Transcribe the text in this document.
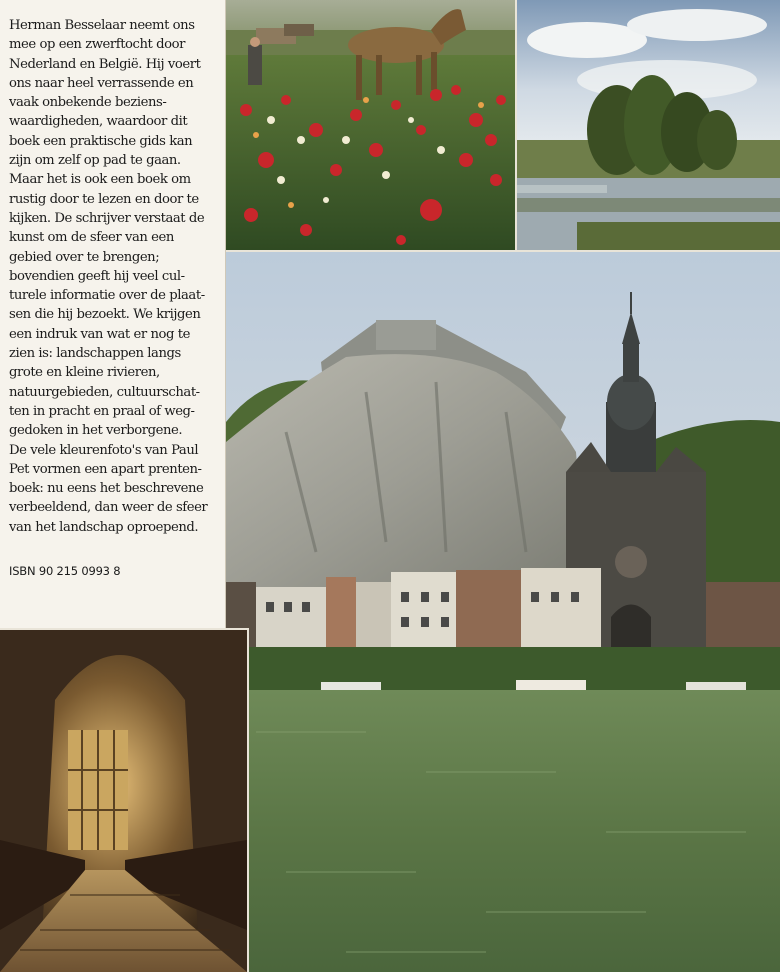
Herman Besselaar neemt ons
mee op een zwerftocht door
Nederland en België. Hij voert
ons naar heel verrassende en
vaak onbekende beziens-
waardigheden, waardoor dit
boek een praktische gids kan
zijn om zelf op pad te gaan.
Maar het is ook een boek om
rustig door te lezen en door te
kijken. De schrijver verstaat de
kunst om de sfeer van een
gebied over te brengen;
bovendien geeft hij veel cul-
turele informatie over de plaat-
sen die hij bezoekt. We krijgen
een indruk van wat er nog te
zien is: landschappen langs
grote en kleine rivieren,
natuurgebieden, cultuurschat-
ten in pracht en praal of weg-
gedoken in het verborgene.
De vele kleurenfoto's van Paul
Pet vormen een apart prenten-
boek: nu eens het beschrevene
verbeeldend, dan weer de sfeer
van het landschap oproepend.
ISBN 90 215 0993 8
